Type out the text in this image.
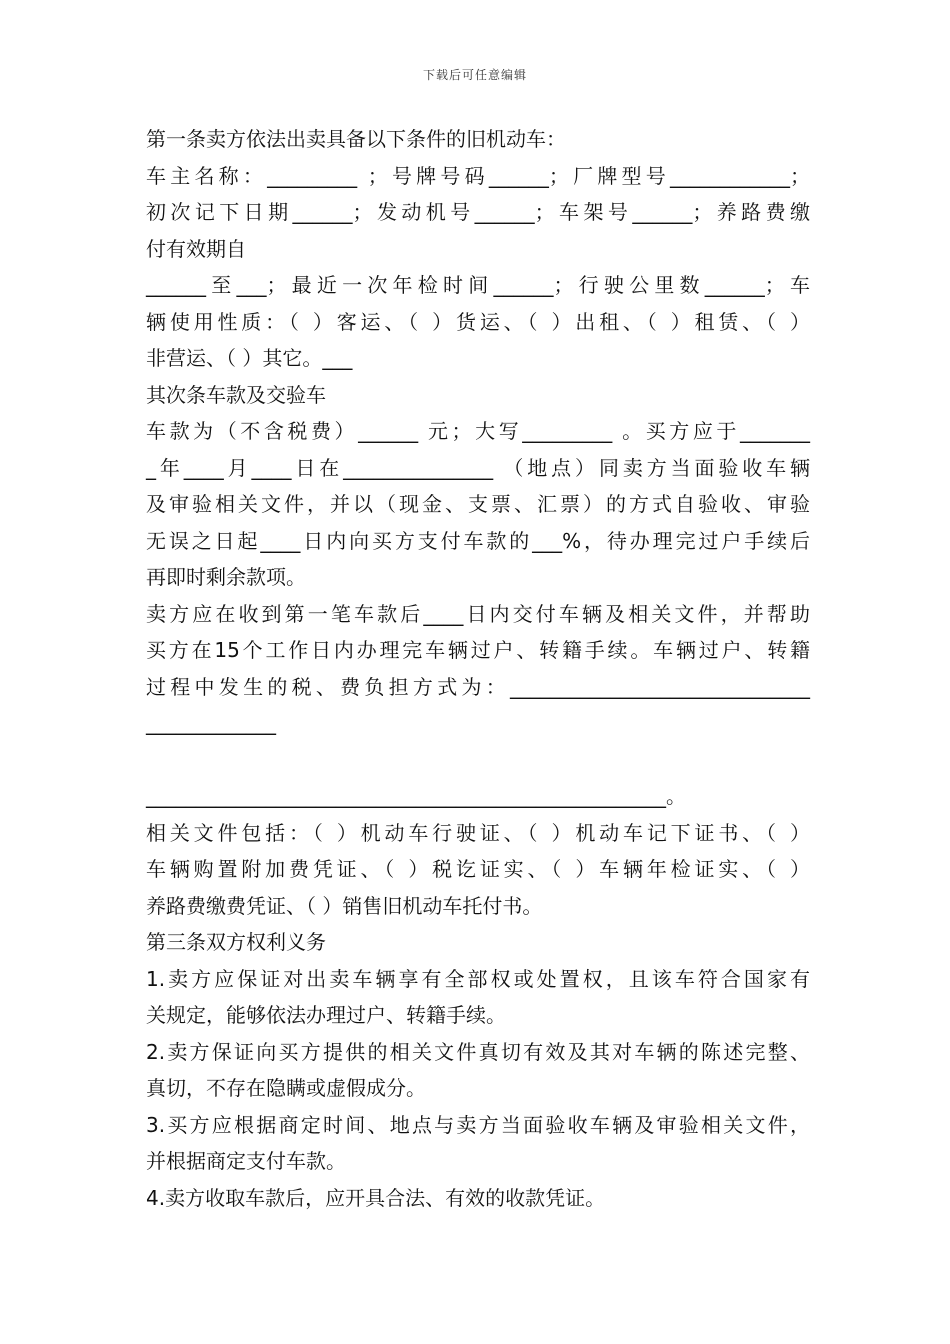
下载后可任意编辑
第一条卖方依法出卖具备以下条件的旧机动车：
车主名称：_________ ；号牌号码______；厂牌型号____________；
初次记下日期______；发动机号______；车架号______；养路费缴
付有效期自
______至___；最近一次年检时间______；行驶公里数______；车
辆使用性质：（ ）客运、（ ）货运、（ ）出租、（ ）租赁、（ ）
非营运、（ ）其它。___
其次条车款及交验车
车款为（不含税费）______ 元；大写_________ 。买方应于_______
_年____月____日在_______________ （地点）同卖方当面验收车辆
及审验相关文件，并以（现金、支票、汇票）的方式自验收、审验
无误之日起____日内向买方支付车款的___%，待办理完过户手续后
再即时剩余款项。
卖方应在收到第一笔车款后____日内交付车辆及相关文件，并帮助
买方在15个工作日内办理完车辆过户、转籍手续。车辆过户、转籍
过程中发生的税、费负担方式为：______________________________
_____________
____________________________________________________。
相关文件包括：（ ）机动车行驶证、（ ）机动车记下证书、（ ）
车辆购置附加费凭证、（ ）税讫证实、（ ）车辆年检证实、（ ）
养路费缴费凭证、（ ）销售旧机动车托付书。
第三条双方权利义务
1.卖方应保证对出卖车辆享有全部权或处置权，且该车符合国家有
关规定，能够依法办理过户、转籍手续。
2.卖方保证向买方提供的相关文件真切有效及其对车辆的陈述完整、
真切，不存在隐瞒或虚假成分。
3.买方应根据商定时间、地点与卖方当面验收车辆及审验相关文件，
并根据商定支付车款。
4.卖方收取车款后，应开具合法、有效的收款凭证。
